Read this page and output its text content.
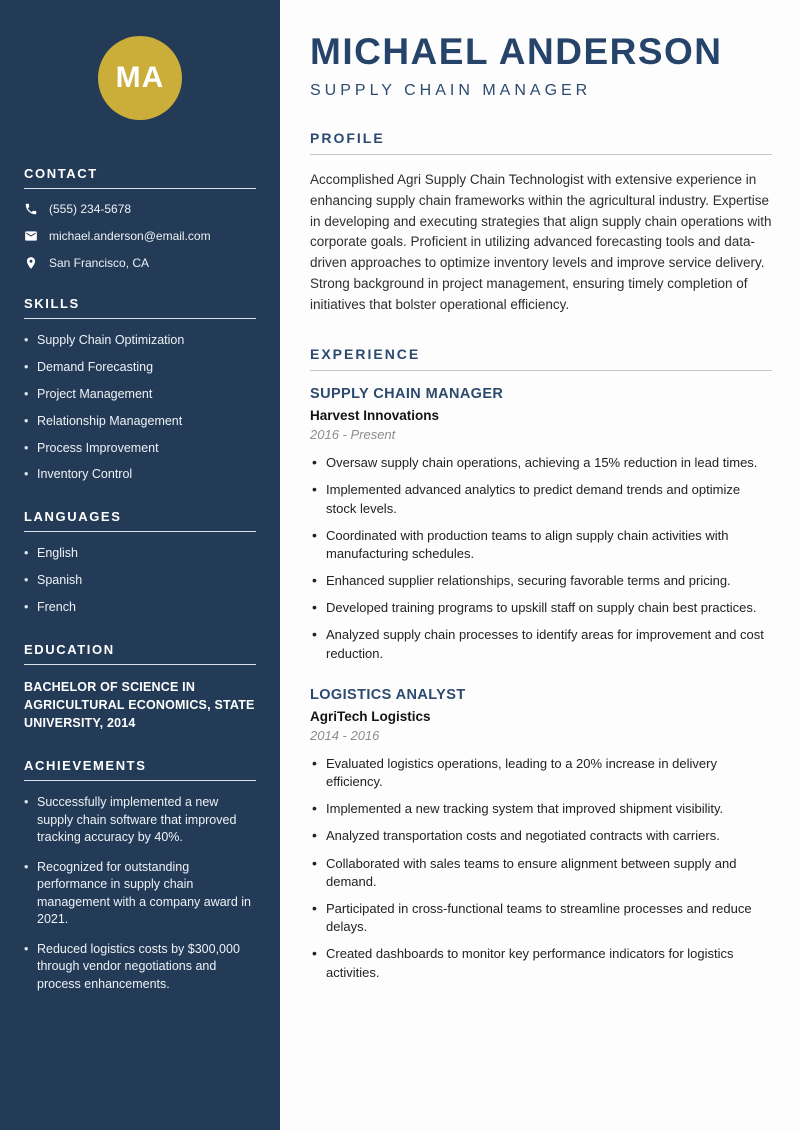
MA
CONTACT
(555) 234-5678
michael.anderson@email.com
San Francisco, CA
SKILLS
• Supply Chain Optimization
• Demand Forecasting
• Project Management
• Relationship Management
• Process Improvement
• Inventory Control
LANGUAGES
• English
• Spanish
• French
EDUCATION

BACHELOR OF SCIENCE IN AGRICULTURAL ECONOMICS, STATE UNIVERSITY, 2014

ACHIEVEMENTS
• Successfully implemented a new supply chain software that improved tracking accuracy by 40%.
• Recognized for outstanding performance in supply chain management with a company award in 2021.
• Reduced logistics costs by $300,000 through vendor negotiations and process enhancements.
MICHAEL ANDERSON
SUPPLY CHAIN MANAGER
PROFILE

Accomplished Agri Supply Chain Technologist with extensive experience in enhancing supply chain frameworks within the agricultural industry. Expertise in developing and executing strategies that align supply chain operations with corporate goals. Proficient in utilizing advanced forecasting tools and data-driven approaches to optimize inventory levels and improve service delivery. Strong background in project management, ensuring timely completion of initiatives that bolster operational efficiency.

EXPERIENCE
SUPPLY CHAIN MANAGER
Harvest Innovations
2016 - Present
• Oversaw supply chain operations, achieving a 15% reduction in lead times.
• Implemented advanced analytics to predict demand trends and optimize stock levels.
• Coordinated with production teams to align supply chain activities with manufacturing schedules.
• Enhanced supplier relationships, securing favorable terms and pricing.
• Developed training programs to upskill staff on supply chain best practices.
• Analyzed supply chain processes to identify areas for improvement and cost reduction.
LOGISTICS ANALYST
AgriTech Logistics
2014 - 2016
• Evaluated logistics operations, leading to a 20% increase in delivery efficiency.
• Implemented a new tracking system that improved shipment visibility.
• Analyzed transportation costs and negotiated contracts with carriers.
• Collaborated with sales teams to ensure alignment between supply and demand.
• Participated in cross-functional teams to streamline processes and reduce delays.
• Created dashboards to monitor key performance indicators for logistics activities.
